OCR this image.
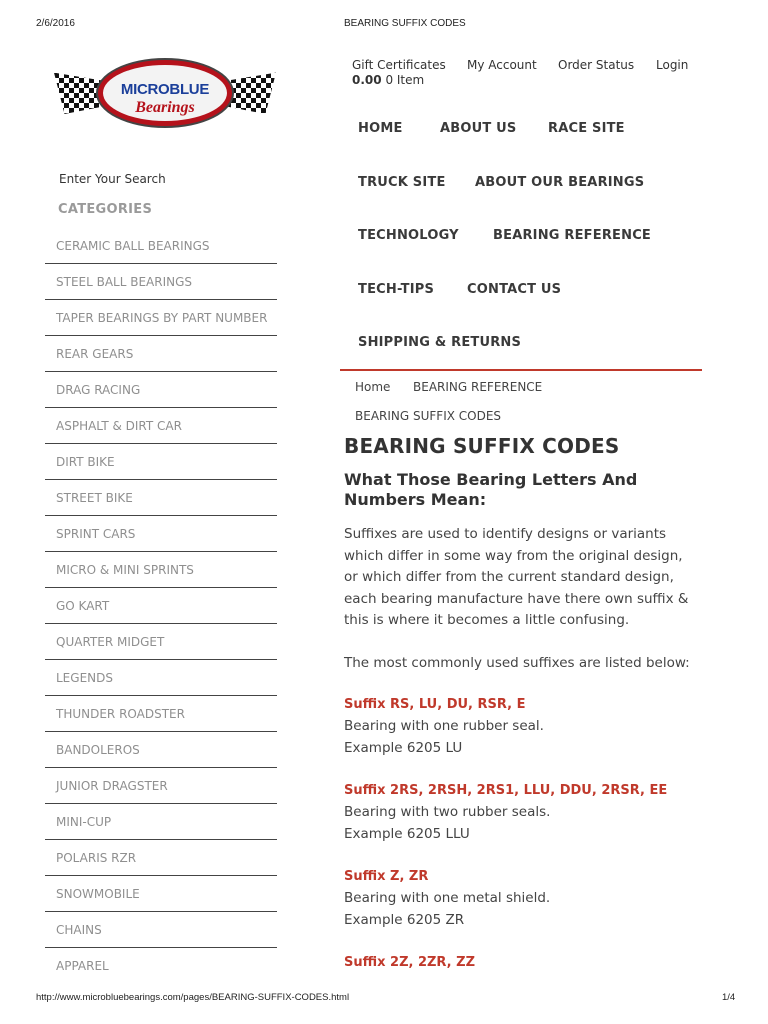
2/6/2016	BEARING SUFFIX CODES
MICROBLUE
Bearings
Enter Your Search
CATEGORIES
CERAMIC BALL BEARINGS
STEEL BALL BEARINGS
TAPER BEARINGS BY PART NUMBER
REAR GEARS
DRAG RACING
ASPHALT & DIRT CAR
DIRT BIKE
STREET BIKE
SPRINT CARS
MICRO & MINI SPRINTS
GO KART
QUARTER MIDGET
LEGENDS
THUNDER ROADSTER
BANDOLEROS
JUNIOR DRAGSTER
MINI-CUP
POLARIS RZR
SNOWMOBILE
CHAINS
APPAREL
Gift Certificates My Account Order Status Login
0.00 0 Item
HOME	ABOUT US RACE SITE
TRUCK SITE ABOUT OUR BEARINGS
TECHNOLOGY	BEARING REFERENCE
TECH-TIPS	CONTACT US
SHIPPING & RETURNS
Home BEARING REFERENCE
BEARING SUFFIX CODES
BEARING SUFFIX CODES
What Those Bearing Letters And Numbers Mean:
Suffixes are used to identify designs or variants
which differ in some way from the original design,
or which differ from the current standard design,
each bearing manufacture have there own suffix &
this is where it becomes a little confusing.
The most commonly used suffixes are listed below:
Suffix RS, LU, DU, RSR, E
Bearing with one rubber seal.
Example 6205 LU
Suffix 2RS, 2RSH, 2RS1, LLU, DDU, 2RSR, EE
Bearing with two rubber seals.
Example 6205 LLU
Suffix Z, ZR
Bearing with one metal shield.
Example 6205 ZR
Suffix 2Z, 2ZR, ZZ
http://www.microbluebearings.com/pages/BEARING-SUFFIX-CODES.html	1/4
